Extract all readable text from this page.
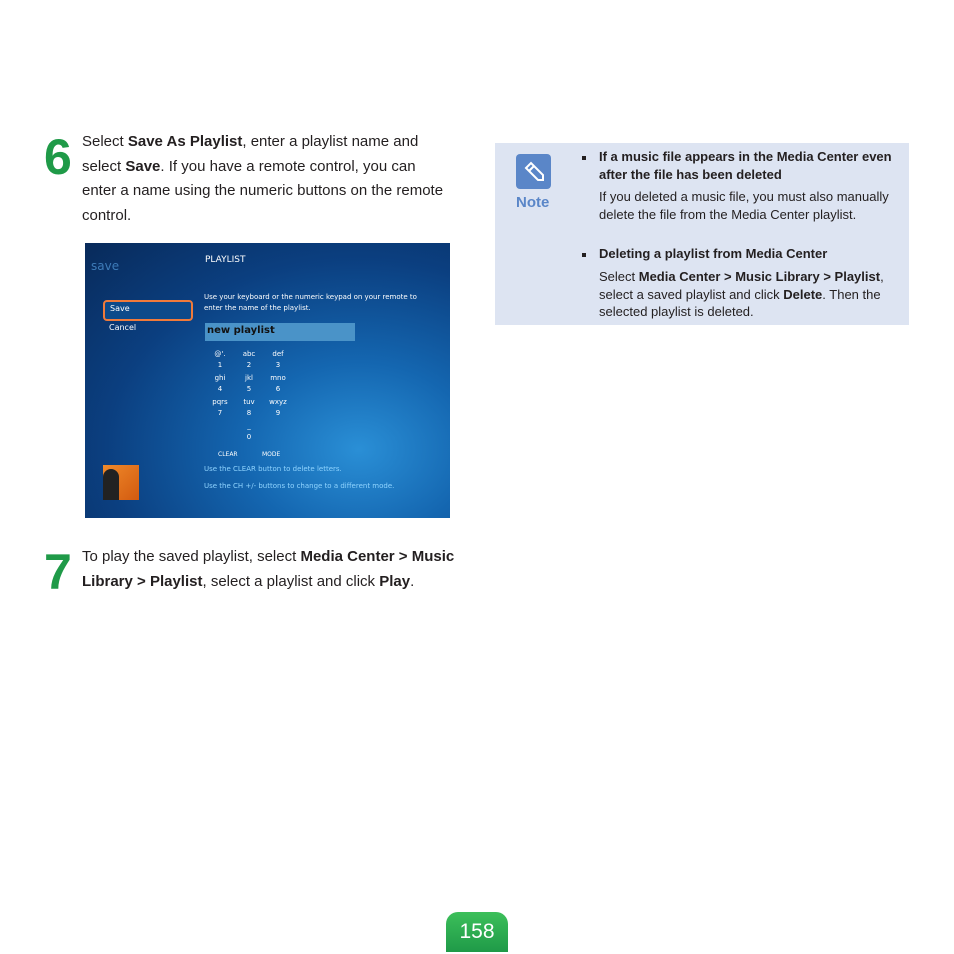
6 Select Save As Playlist, enter a playlist name and select Save. If you have a remote control, you can enter a name using the numeric buttons on the remote control.
save	PLAYLIST
Save
Cancel
Use your keyboard or the numeric keypad on your remote to enter the name of the playlist.
new playlist
@'.
1
abc
2
def
3
ghi
4
jkl
5
mno
6
pqrs
7
tuv
8
wxyz
9
_
0
CLEAR	MODE
Use the CLEAR button to delete letters.
Use the CH +/- buttons to change to a different mode.
7 To play the saved playlist, select Media Center > Music Library > Playlist, select a playlist and click Play.
Note
If a music file appears in the Media Center even after the file has been deleted
If you deleted a music file, you must also manually delete the file from the Media Center playlist.
Deleting a playlist from Media Center
Select Media Center > Music Library > Playlist, select a saved playlist and click Delete. Then the selected playlist is deleted.
158
